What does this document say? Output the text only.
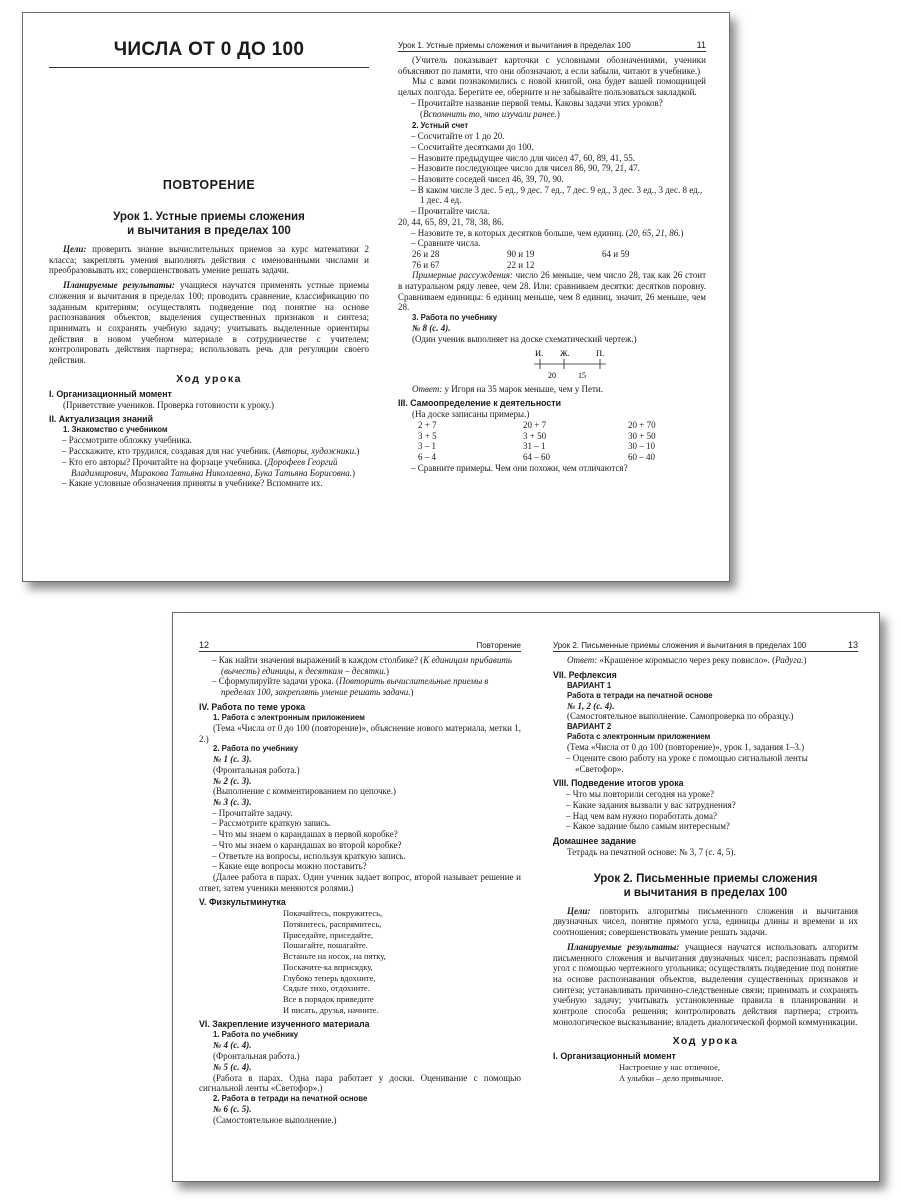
ЧИСЛА ОТ 0 ДО 100
ПОВТОРЕНИЕ
Урок 1. Устные приемы сложения
и вычитания в пределах 100
Цели: проверить знание вычислительных приемов за курс математики 2 класса; закреплять умения выполнять действия с именованными числами и преобразовывать их; совершенствовать умение решать задачи.
Планируемые результаты: учащиеся научатся применять устные приемы сложения и вычитания в пределах 100; проводить сравнение, классификацию по заданным критериям; осуществлять подведение под понятие на основе распознавания объектов, выделения существенных признаков и синтеза; принимать и сохранять учебную задачу; учитывать выделенные ориентиры действия в новом учебном материале в сотрудничестве с учителем; контролировать действия партнера; использовать речь для регуляции своего действия.
Ход урока
I. Организационный момент
(Приветствие учеников. Проверка готовности к уроку.)
II. Актуализация знаний
1. Знакомство с учебником
– Рассмотрите обложку учебника.
– Расскажите, кто трудился, создавая для нас учебник. (Авторы, художники.)
– Кто его авторы? Прочитайте на форзаце учебника. (Дорофеев Георгий Владимирович, Миракова Татьяна Николаевна, Бука Татьяна Борисовна.)
– Какие условные обозначения приняты в учебнике? Вспомните их.
Урок 1. Устные приемы сложения и вычитания в пределах 100	11
(Учитель показывает карточки с условными обозначениями, ученики объясняют по памяти, что они обозначают, а если забыли, читают в учебнике.)
Мы с вами познакомились с новой книгой, она будет вашей помощницей целых полгода. Берегите ее, оберните и не забывайте пользоваться закладкой.
– Прочитайте название первой темы. Каковы задачи этих уроков? (Вспомнить то, что изучали ранее.)
2. Устный счет
– Сосчитайте от 1 до 20.
– Сосчитайте десятками до 100.
– Назовите предыдущее число для чисел 47, 60, 89, 41, 55.
– Назовите последующее число для чисел 86, 90, 79, 21, 47.
– Назовите соседей чисел 46, 39, 70, 90.
– В каком числе 3 дес. 5 ед., 9 дес. 7 ед., 7 дес. 9 ед., 3 дес. 3 ед., 3 дес. 8 ед., 1 дес. 4 ед.
– Прочитайте числа.
20, 44, 65, 89, 21, 78, 38, 86.
– Назовите те, в которых десятков больше, чем единиц. (20, 65, 21, 86.)
– Сравните числа.
26 и 28	90 и 19	64 и 59
76 и 67	22 и 12
Примерные рассуждения: число 26 меньше, чем число 28, так как 26 стоит в натуральном ряду левее, чем 28. Или: сравниваем десятки: десятков поровну. Сравниваем единицы: 6 единиц меньше, чем 8 единиц, значит, 26 меньше, чем 28.
3. Работа по учебнику
№ 8 (с. 4).
(Один ученик выполняет на доске схематический чертеж.)
И. Ж.	П.
20	15
Ответ: у Игоря на 35 марок меньше, чем у Пети.
III. Самоопределение к деятельности
(На доске записаны примеры.)
2 + 7	20 + 7	20 + 70
3 + 5	3 + 50	30 + 50
3 – 1	31 – 1	30 – 10
6 – 4	64 – 60	60 – 40
– Сравните примеры. Чем они похожи, чем отличаются?
12	Повторение
– Как найти значения выражений в каждом столбике? (К единицам прибавить (вычесть) единицы, к десяткам – десятки.)
– Сформулируйте задачи урока. (Повторить вычислительные приемы в пределах 100, закреплять умение решать задачи.)
IV. Работа по теме урока
1. Работа с электронным приложением
(Тема «Числа от 0 до 100 (повторение)», объяснение нового материала, метки 1, 2.)
2. Работа по учебнику
№ 1 (с. 3).
(Фронтальная работа.)
№ 2 (с. 3).
(Выполнение с комментированием по цепочке.)
№ 3 (с. 3).
– Прочитайте задачу.
– Рассмотрите краткую запись.
– Что мы знаем о карандашах в первой коробке?
– Что мы знаем о карандашах во второй коробке?
– Ответьте на вопросы, используя краткую запись.
– Какие еще вопросы можно поставить?
(Далее работа в парах. Один ученик задает вопрос, второй называет решение и ответ, затем ученики меняются ролями.)
V. Физкультминутка
Покачайтесь, покружитесь,
Потянитесь, распрямитесь,
Приседайте, приседайте,
Пошагайте, пошагайте.
Встаньте на носок, на пятку,
Поскачите-ка вприсядку,
Глубоко теперь вдохните,
Сядьте тихо, отдохните.
Все в порядок приведите
И писать, друзья, начните.
VI. Закрепление изученного материала
1. Работа по учебнику
№ 4 (с. 4).
(Фронтальная работа.)
№ 5 (с. 4).
(Работа в парах. Одна пара работает у доски. Оценивание с помощью сигнальной ленты «Светофор».)
2. Работа в тетради на печатной основе
№ 6 (с. 5).
(Самостоятельное выполнение.)
Урок 2. Письменные приемы сложения и вычитания в пределах 100	13
Ответ: «Крашеное коромысло через реку повисло». (Радуга.)
VII. Рефлексия
ВАРИАНТ 1
Работа в тетради на печатной основе
№ 1, 2 (с. 4).
(Самостоятельное выполнение. Самопроверка по образцу.)
ВАРИАНТ 2
Работа с электронным приложением
(Тема «Числа от 0 до 100 (повторение)», урок 1, задания 1–3.)
– Оцените свою работу на уроке с помощью сигнальной ленты «Светофор».
VIII. Подведение итогов урока
– Что мы повторили сегодня на уроке?
– Какие задания вызвали у вас затруднения?
– Над чем вам нужно поработать дома?
– Какое задание было самым интересным?
Домашнее задание
Тетрадь на печатной основе: № 3, 7 (с. 4, 5).
Урок 2. Письменные приемы сложения
и вычитания в пределах 100
Цели: повторить алгоритмы письменного сложения и вычитания двузначных чисел, понятие прямого угла, единицы длины и времени и их соотношения; совершенствовать умение решать задачи.
Планируемые результаты: учащиеся научатся использовать алгоритм письменного сложения и вычитания двузначных чисел; распознавать прямой угол с помощью чертежного угольника; осуществлять подведение под понятие на основе распознавания объектов, выделения существенных признаков и синтеза; устанавливать причинно-следственные связи; принимать и сохранять учебную задачу; учитывать установленные правила в планировании и контроле способа решения; контролировать действия партнера; строить монологическое высказывание; владеть диалогической формой коммуникации.
Ход урока
I. Организационный момент
Настроение у нас отличное,
А улыбки – дело привычное.
